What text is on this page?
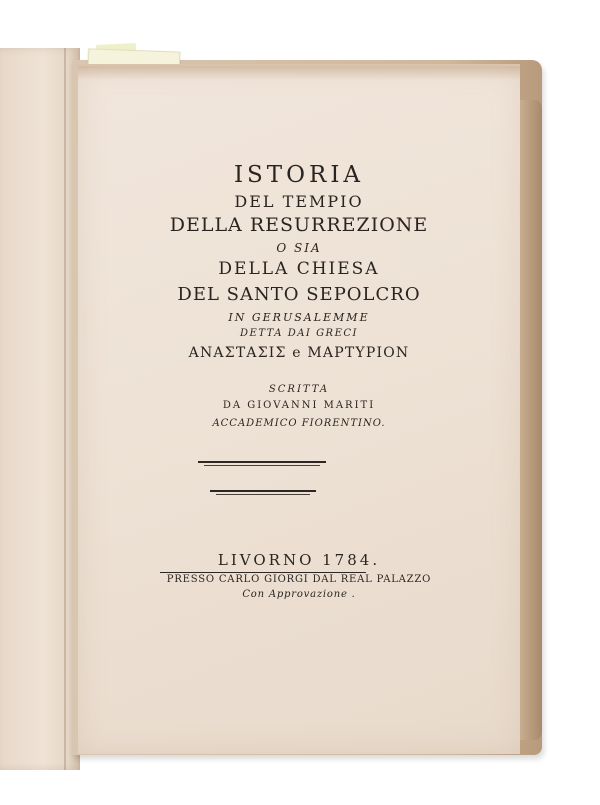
ISTORIA
DEL TEMPIO
DELLA RESURREZIONE
O SIA
DELLA CHIESA
DEL SANTO SEPOLCRO
IN GERUSALEMME
DETTA DAI GRECI
ΑΝΑΣΤΑΣΙΣ e ΜΑΡΤΥΡΙΟΝ
SCRITTA
DA GIOVANNI MARITI
ACCADEMICO FIORENTINO.
LIVORNO 1784.
PRESSO CARLO GIORGI DAL REAL PALAZZO
Con Approvazione .
